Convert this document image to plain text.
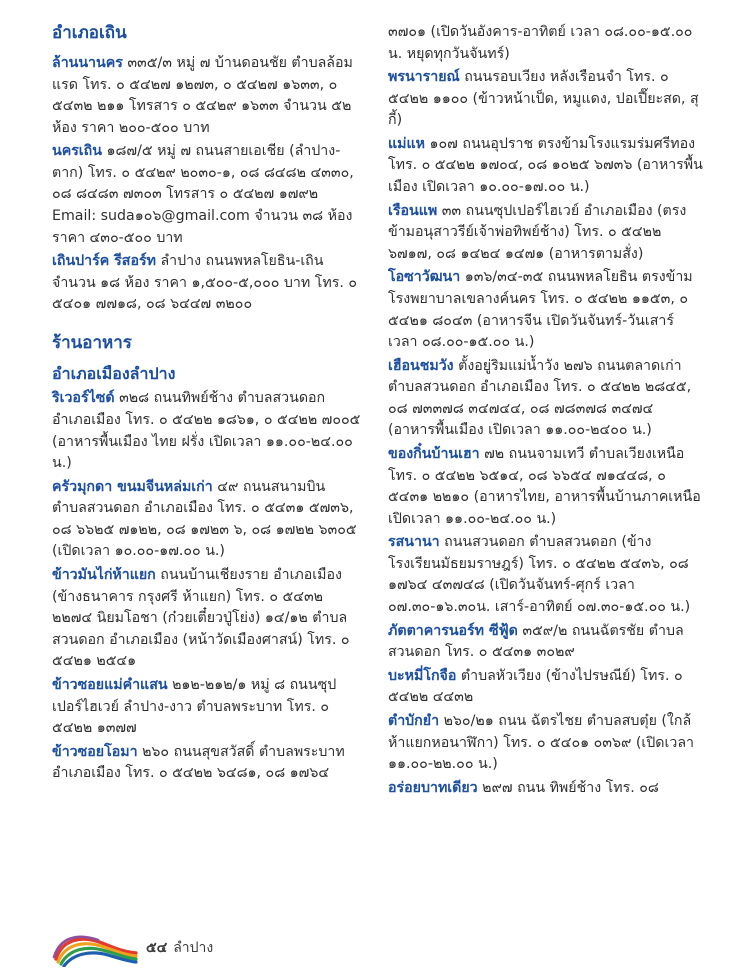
อำเภอเถิน

ล้านนานคร ๓๓๕/๓ หมู่ ๗ บ้านดอนชัย ตำบลล้อมแรด โทร. ๐ ๕๔๒๗ ๑๒๗๓, ๐ ๕๔๒๗ ๑๖๓๓, ๐ ๕๔๓๒ ๒๑๑ โทรสาร ๐ ๕๔๒๙ ๑๖๓๓ จำนวน ๕๒ ห้อง ราคา ๒๐๐-๕๐๐ บาท

นครเถิน ๑๘๗/๕ หมู่ ๗ ถนนสายเอเชีย (ลำปาง-ตาก) โทร. ๐ ๕๔๒๙ ๒๐๓๐-๑, ๐๘ ๘๔๘๒ ๔๓๓๐, ๐๘ ๘๔๘๓ ๗๓๐๓ โทรสาร ๐ ๕๔๒๗ ๑๗๙๒ Email: suda๑๐๖@gmail.com จำนวน ๓๘ ห้อง ราคา ๔๓๐-๕๐๐ บาท

เถินปาร์ค รีสอร์ท ลำปาง ถนนพหลโยธิน-เถิน จำนวน ๑๘ ห้อง ราคา ๑,๕๐๐-๕,๐๐๐ บาท โทร. ๐ ๕๔๐๑ ๗๗๑๘, ๐๘ ๖๔๔๗ ๓๒๐๐

ร้านอาหาร
อำเภอเมืองลำปาง

ริเวอร์ไซด์ ๓๒๘ ถนนทิพย์ช้าง ตำบลสวนดอก อำเภอเมือง โทร. ๐ ๕๔๒๒ ๑๘๖๑, ๐ ๕๔๒๒ ๗๐๐๕ (อาหารพื้นเมือง ไทย ฝรั่ง เปิดเวลา ๑๑.๐๐-๒๔.๐๐ น.)

ครัวมุกดา ขนมจีนหล่มเก่า ๔๙ ถนนสนามบิน ตำบลสวนดอก อำเภอเมือง โทร. ๐ ๕๔๓๑ ๕๗๓๖, ๐๘ ๖๖๒๕ ๗๑๒๒, ๐๘ ๑๗๒๓ ๖, ๐๘ ๑๗๒๒ ๖๓๐๕ (เปิดเวลา ๑๐.๐๐-๑๗.๐๐ น.)

ข้าวมันไก่ห้าแยก ถนนบ้านเชียงราย อำเภอเมือง (ข้างธนาคาร กรุงศรี ห้าแยก) โทร. ๐ ๕๔๓๒ ๒๒๗๔ นิยมโอชา (ก๋วยเตี๋ยวปู่โย่ง) ๑๔/๑๒ ตำบลสวนดอก อำเภอเมือง (หน้าวัดเมืองศาสน์) โทร. ๐ ๕๔๒๑ ๒๕๔๑

ข้าวซอยแม่คำแสน ๒๑๒-๒๑๒/๑ หมู่ ๘ ถนนซุปเปอร์ไฮเวย์ ลำปาง-งาว ตำบลพระบาท โทร. ๐ ๕๔๒๒ ๑๓๗๗

ข้าวซอยโอมา ๒๖๐ ถนนสุขสวัสดิ์ ตำบลพระบาท อำเภอเมือง โทร. ๐ ๕๔๒๒ ๖๔๘๑, ๐๘ ๑๗๖๔

๓๗๐๑ (เปิดวันอังคาร-อาทิตย์ เวลา ๐๘.๐๐-๑๕.๐๐ น. หยุดทุกวันจันทร์)

พรนารายณ์ ถนนรอบเวียง หลังเรือนจำ โทร. ๐ ๕๔๒๒ ๑๑๐๐ (ข้าวหน้าเป็ด, หมูแดง, ปอเปี๊ยะสด, สุกี้)

แม่แห ๑๐๗ ถนนอุปราช ตรงข้ามโรงแรมร่มศรีทอง โทร. ๐ ๕๔๒๒ ๑๗๐๔, ๐๘ ๑๐๒๕ ๖๗๓๖ (อาหารพื้นเมือง เปิดเวลา ๑๐.๐๐-๑๗.๐๐ น.)

เรือนแพ ๓๓ ถนนซุปเปอร์ไฮเวย์ อำเภอเมือง (ตรงข้ามอนุสาวรีย์เจ้าพ่อทิพย์ช้าง) โทร. ๐ ๕๔๒๒ ๖๗๑๗, ๐๘ ๑๔๒๔ ๑๔๗๑ (อาหารตามสั่ง)

โอซาวัฒนา ๑๓๖/๓๔-๓๕ ถนนพหลโยธิน ตรงข้ามโรงพยาบาลเขลางค์นคร โทร. ๐ ๕๔๒๒ ๑๑๕๓, ๐ ๕๔๒๑ ๘๐๔๓ (อาหารจีน เปิดวันจันทร์-วันเสาร์ เวลา ๐๘.๐๐-๑๕.๐๐ น.)

เฮือนชมวัง ตั้งอยู่ริมแม่น้ำวัง ๒๗๖ ถนนตลาดเก่า ตำบลสวนดอก อำเภอเมือง โทร. ๐ ๕๔๒๒ ๒๘๔๕, ๐๘ ๗๓๓๗๘ ๓๔๗๔๔, ๐๘ ๗๘๓๗๘ ๓๔๗๔ (อาหารพื้นเมือง เปิดเวลา ๑๑.๐๐-๒๔๐๐ น.)

ของกิ๋นบ้านเฮา ๗๒ ถนนจามเทวี ตำบลเวียงเหนือ โทร. ๐ ๕๔๒๒ ๖๕๑๔, ๐๘ ๖๖๕๔ ๗๑๔๔๘, ๐ ๕๔๓๑ ๒๒๑๐ (อาหารไทย, อาหารพื้นบ้านภาคเหนือ เปิดเวลา ๑๑.๐๐-๒๔.๐๐ น.)

รสนานา ถนนสวนดอก ตำบลสวนดอก (ข้างโรงเรียนมัธยมราษฎร์) โทร. ๐ ๕๔๒๒ ๕๔๓๖, ๐๘ ๑๗๖๔ ๔๓๗๔๘ (เปิดวันจันทร์-ศุกร์ เวลา ๐๗.๓๐-๑๖.๓๐น. เสาร์-อาทิตย์ ๐๗.๓๐-๑๕.๐๐ น.)

ภัตตาคารนอร์ท ซีฟู้ด ๓๕๙/๒ ถนนฉัตรชัย ตำบลสวนดอก โทร. ๐ ๕๔๓๑ ๓๐๒๙

บะหมี่โกจือ ตำบลหัวเวียง (ข้างไปรษณีย์) โทร. ๐ ๕๔๒๒ ๔๔๓๒

ตำบักยำ ๒๖๐/๒๑ ถนน ฉัตรไชย ตำบลสบตุ๋ย (ใกล้ห้าแยกหอนาฬิกา) โทร. ๐ ๕๔๐๑ ๐๓๖๙ (เปิดเวลา ๑๑.๐๐-๒๒.๐๐ น.)

อร่อยบาทเดียว ๒๙๗ ถนน ทิพย์ช้าง โทร. ๐๘

๕๔ ลำปาง
